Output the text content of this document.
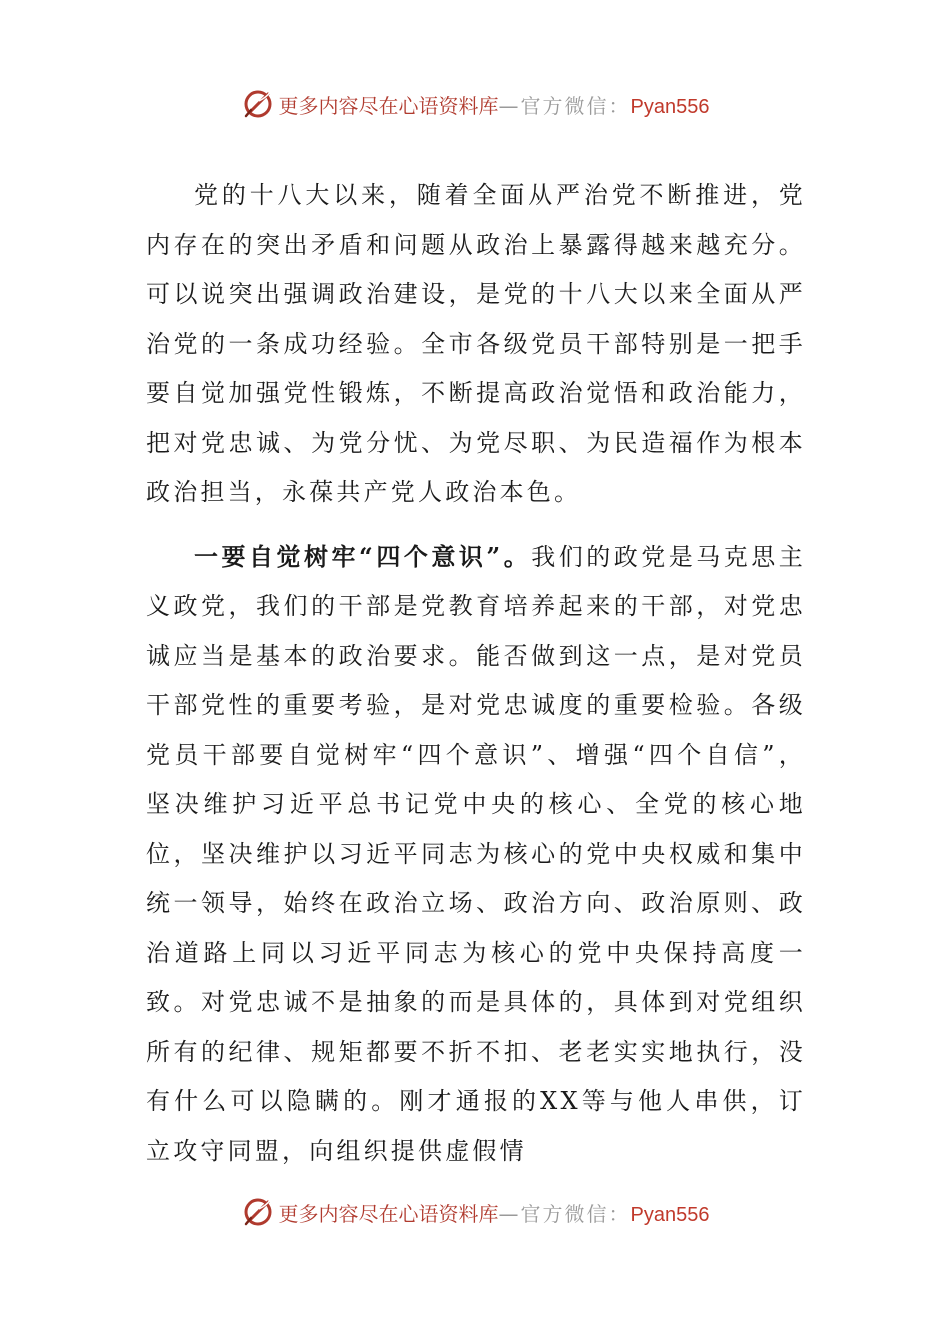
更多内容尽在心语资料库—官方微信：Pyan556

党的十八大以来，随着全面从严治党不断推进，党内存在的突出矛盾和问题从政治上暴露得越来越充分。可以说突出强调政治建设，是党的十八大以来全面从严治党的一条成功经验。全市各级党员干部特别是一把手要自觉加强党性锻炼，不断提高政治觉悟和政治能力，把对党忠诚、为党分忧、为党尽职、为民造福作为根本政治担当，永葆共产党人政治本色。

一要自觉树牢“四个意识”。我们的政党是马克思主义政党，我们的干部是党教育培养起来的干部，对党忠诚应当是基本的政治要求。能否做到这一点，是对党员干部党性的重要考验，是对党忠诚度的重要检验。各级党员干部要自觉树牢“四个意识”、增强“四个自信”，坚决维护习近平总书记党中央的核心、全党的核心地位，坚决维护以习近平同志为核心的党中央权威和集中统一领导，始终在政治立场、政治方向、政治原则、政治道路上同以习近平同志为核心的党中央保持高度一致。对党忠诚不是抽象的而是具体的，具体到对党组织所有的纪律、规矩都要不折不扣、老老实实地执行，没有什么可以隐瞒的。刚才通报的XX等与他人串供，订立攻守同盟，向组织提供虚假情

更多内容尽在心语资料库—官方微信：Pyan556
